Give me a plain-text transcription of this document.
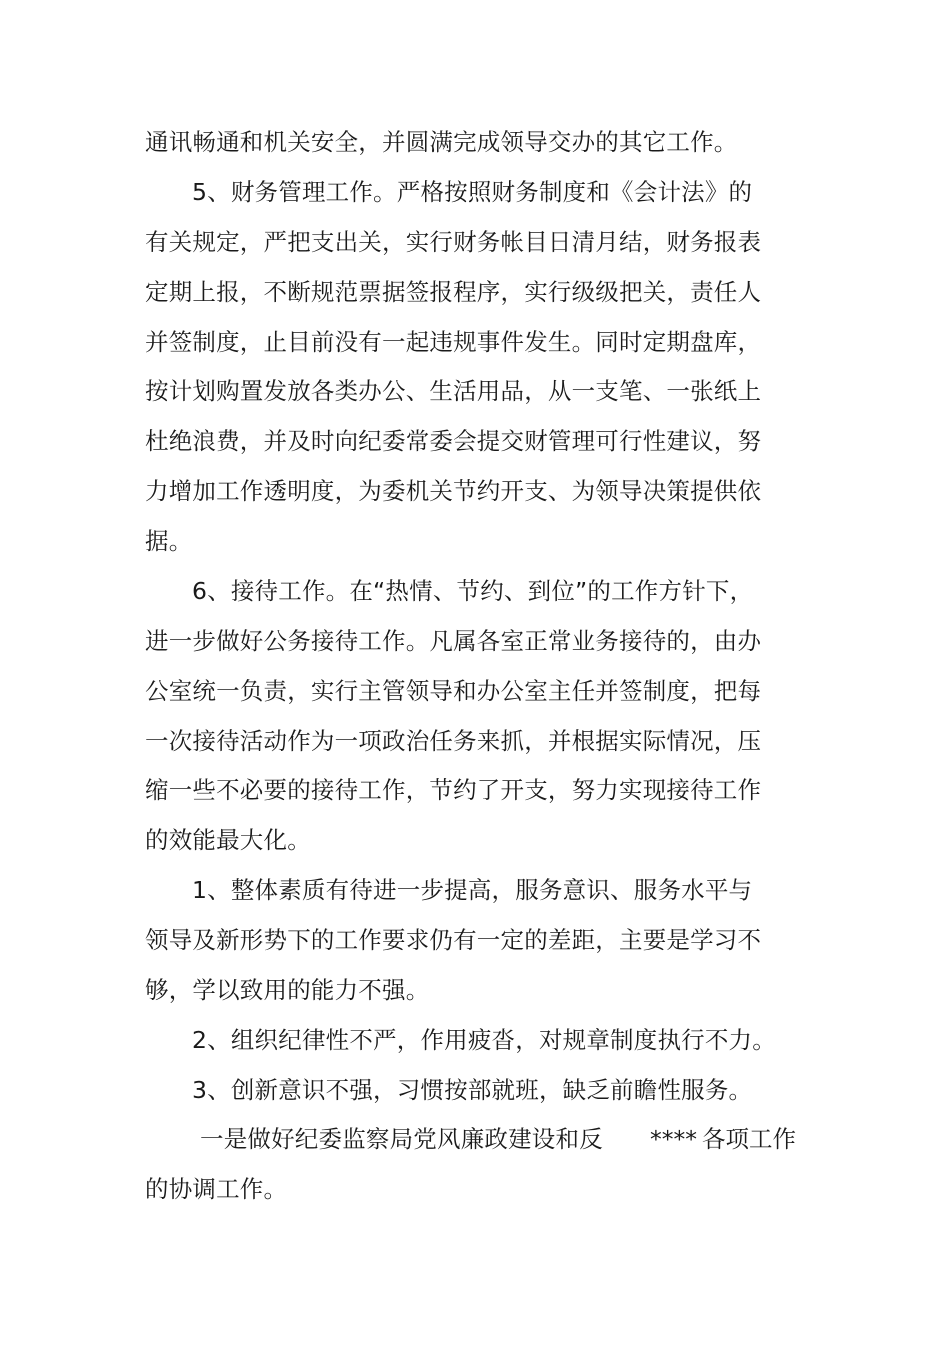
通讯畅通和机关安全，并圆满完成领导交办的其它工作。
5、财务管理工作。严格按照财务制度和《会计法》的
有关规定，严把支出关，实行财务帐目日清月结，财务报表
定期上报，不断规范票据签报程序，实行级级把关，责任人
并签制度，止目前没有一起违规事件发生。同时定期盘库，
按计划购置发放各类办公、生活用品，从一支笔、一张纸上
杜绝浪费，并及时向纪委常委会提交财管理可行性建议，努
力增加工作透明度，为委机关节约开支、为领导决策提供依
据。
6、接待工作。在“热情、节约、到位”的工作方针下，
进一步做好公务接待工作。凡属各室正常业务接待的，由办
公室统一负责，实行主管领导和办公室主任并签制度，把每
一次接待活动作为一项政治任务来抓，并根据实际情况，压
缩一些不必要的接待工作，节约了开支，努力实现接待工作
的效能最大化。
1、整体素质有待进一步提高，服务意识、服务水平与
领导及新形势下的工作要求仍有一定的差距，主要是学习不
够，学以致用的能力不强。
2、组织纪律性不严，作用疲沓，对规章制度执行不力。
3、创新意识不强，习惯按部就班，缺乏前瞻性服务。
一是做好纪委监察局党风廉政建设和反 **** 各项工作
的协调工作。
